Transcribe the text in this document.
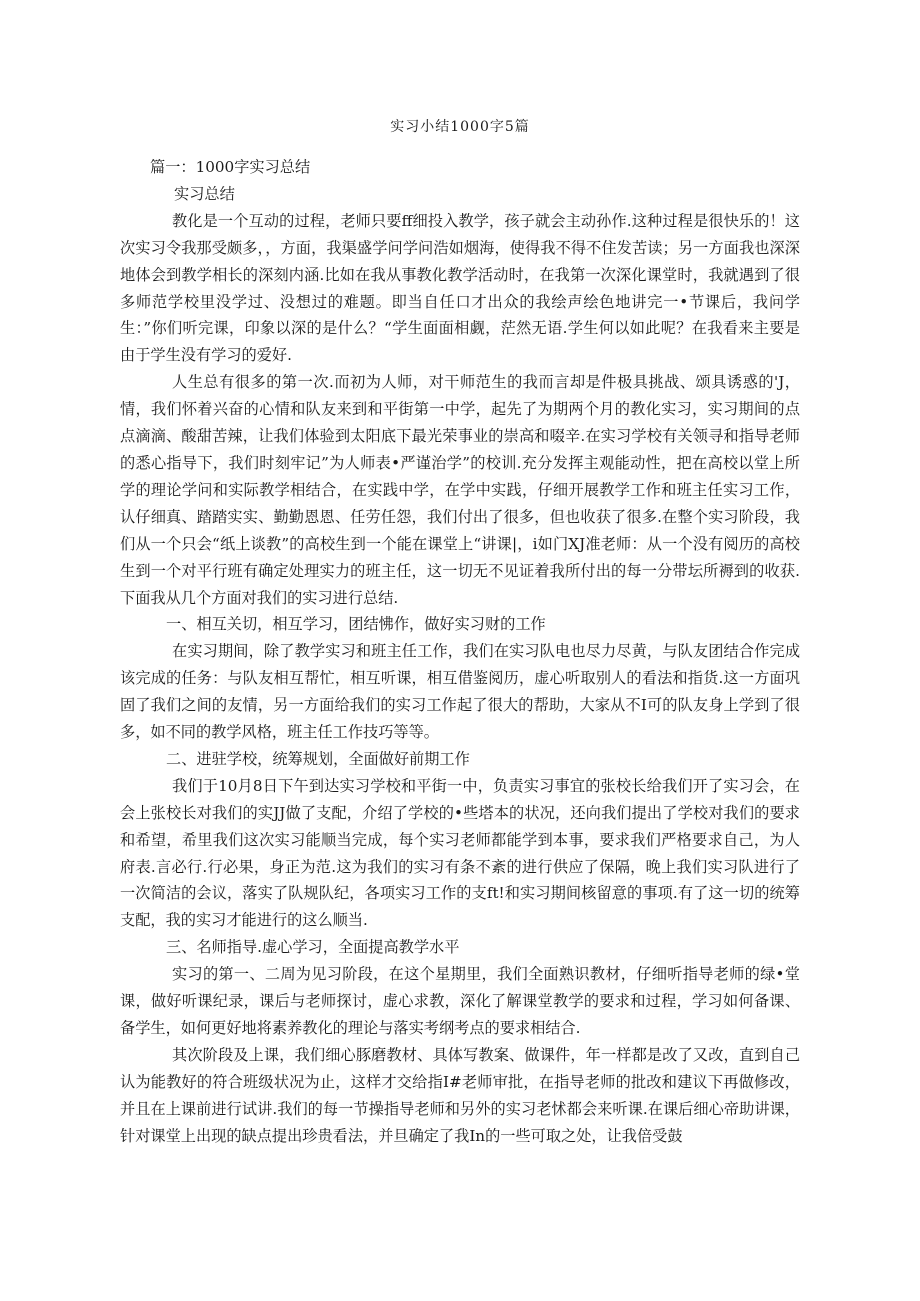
实习小结1000字5篇

篇一：1000字实习总结

实习总结

教化是一个互动的过程，老师只要ff细投入教学，孩子就会主动孙作.这种过程是很快乐的！这次实习令我那受颇多，，方面，我渠盛学问学问浩如烟海，使得我不得不住发苦读；另一方面我也深深地体会到教学相长的深刻内涵.比如在我从事教化教学活动时，在我第一次深化课堂时，我就遇到了很多师范学校里没学过、没想过的难题。即当自任口才出众的我绘声绘色地讲完一•节课后，我问学生：”你们听完课，印象以深的是什么？“学生面面相觑，茫然无语.学生何以如此呢？在我看来主要是由于学生没有学习的爱好.

人生总有很多的第一次.而初为人师，对干师范生的我而言却是件极具挑战、颂具诱惑的'J，情，我们怀着兴奋的心情和队友来到和平街第一中学，起先了为期两个月的教化实习，实习期间的点点滴滴、酸甜苦辣，让我们体验到太阳底下最光荣事业的崇高和啜辛.在实习学校有关领寻和指导老师的悉心指导下，我们时刻牢记”为人师表•严谨治学”的校训.充分发挥主观能动性，把在高校以堂上所学的理论学问和实际教学相结合，在实践中学，在学中实践，仔细开展教学工作和班主任实习工作，认仔细真、踏踏实实、勤勤恩恩、任劳任怨，我们付出了很多，但也收获了很多.在整个实习阶段，我们从一个只会“纸上谈教”的高校生到一个能在课堂上“讲课|，i如门XJ准老师：从一个没有阅历的高校生到一个对平行班有确定处理实力的班主任，这一切无不见证着我所付出的每一分带坛所褥到的收获.下面我从几个方面对我们的实习进行总结.

一、相互关切，相互学习，团结怫作，做好实习财的工作

在实习期间，除了教学实习和班主任工作，我们在实习队电也尽力尽黄，与队友团结合作完成该完成的任务：与队友相互帮忙，相互听课，相互借鉴阅历，虚心听取别人的看法和指货.这一方面巩固了我们之间的友情，另一方面给我们的实习工作起了很大的帮助，大家从不I可的队友身上学到了很多，如不同的教学风格，班主任工作技巧等等。

二、进驻学校，统筹规划，全面做好前期工作

我们于10月8日下午到达实习学校和平街一中，负责实习事宜的张校长给我们开了实习会，在会上张校长对我们的实JJ做了支配，介绍了学校的•些塔本的状况，还向我们提出了学校对我们的要求和希望，希里我们这次实习能顺当完成，每个实习老师都能学到本事，要求我们严格要求自己，为人府表.言必行.行必果，身正为范.这为我们的实习有条不紊的进行供应了保隔，晚上我们实习队进行了一次简洁的会议，落实了队规队纪，各项实习工作的支ft!和实习期间核留意的事项.有了这一切的统筹支配，我的实习才能进行的这么顺当.

三、名师指导.虚心学习，全面提高教学水平

实习的第一、二周为见习阶段，在这个星期里，我们全面熟识教材，仔细听指导老师的绿•堂课，做好听课纪录，课后与老师探讨，虚心求教，深化了解课堂教学的要求和过程，学习如何备课、备学生，如何更好地将素养教化的理论与落实考纲考点的要求相结合.

其次阶段及上课，我们细心豚磨教材、具体写教案、做课件，年一样都是改了又改，直到自己认为能教好的符合班级状况为止，这样才交给指I#老师审批，在指导老师的批改和建议下再做修改，并且在上课前进行试讲.我们的每一节操指导老师和另外的实习老怵都会来听课.在课后细心帝助讲课，针对课堂上出现的缺点提出珍贵看法，并旦确定了我In的一些可取之处，让我倍受鼓
